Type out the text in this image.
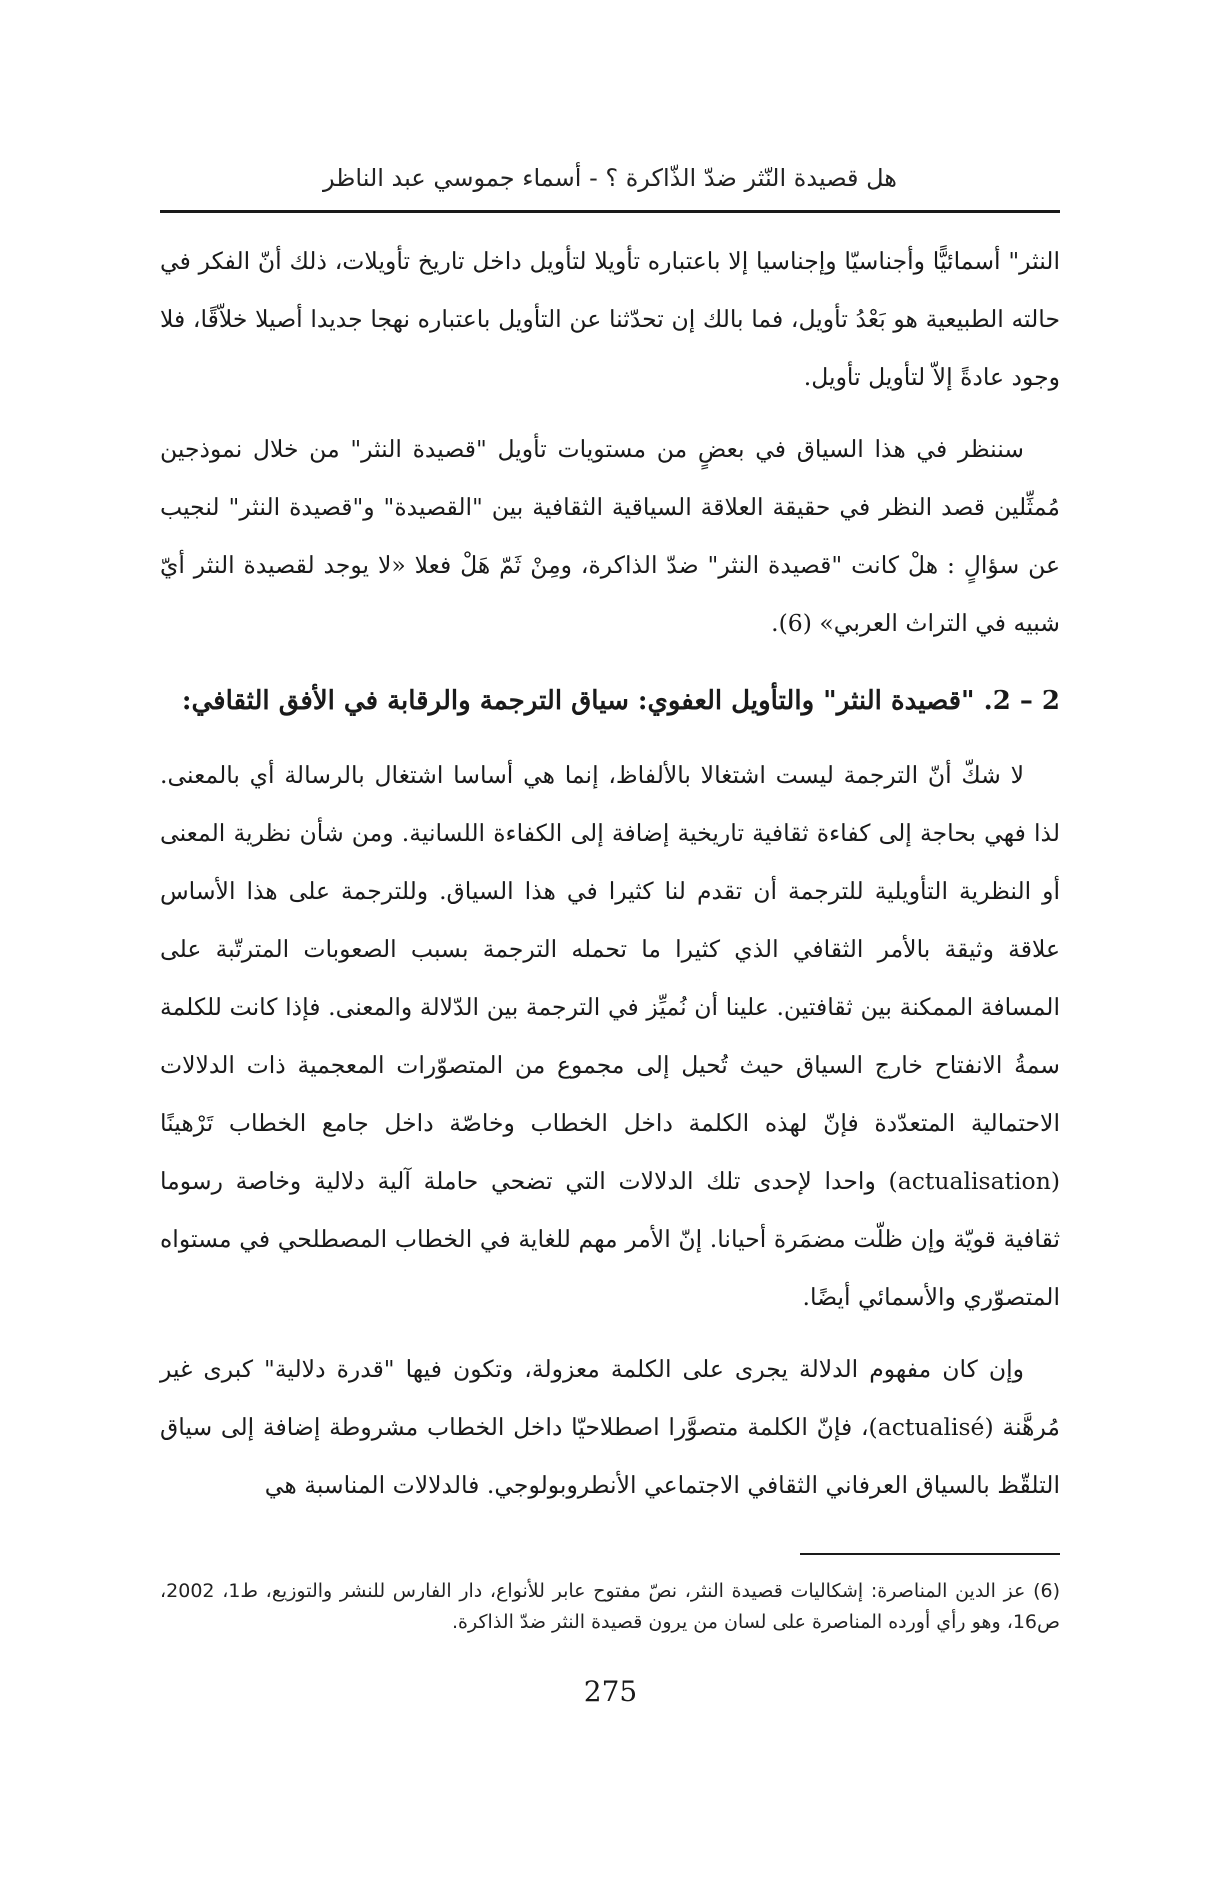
هل قصيدة النّثر ضدّ الذّاكرة ؟ - أسماء جموسي عبد الناظر

النثر" أسمائيًّا وأجناسيّا وإجناسيا إلا باعتباره تأويلا لتأويل داخل تاريخ تأويلات، ذلك أنّ الفكر في حالته الطبيعية هو بَعْدُ تأويل، فما بالك إن تحدّثنا عن التأويل باعتباره نهجا جديدا أصيلا خلاّقًا، فلا وجود عادةً إلاّ لتأويل تأويل.

سننظر في هذا السياق في بعضٍ من مستويات تأويل "قصيدة النثر" من خلال نموذجين مُمثِّلين قصد النظر في حقيقة العلاقة السياقية الثقافية بين "القصيدة" و"قصيدة النثر" لنجيب عن سؤالٍ : هلْ كانت "قصيدة النثر" ضدّ الذاكرة، ومِنْ ثَمّ هَلْ فعلا «لا يوجد لقصيدة النثر أيّ شبيه في التراث العربي» (6).

2 – 2. "قصيدة النثر" والتأويل العفوي: سياق الترجمة والرقابة في الأفق الثقافي:

لا شكّ أنّ الترجمة ليست اشتغالا بالألفاظ، إنما هي أساسا اشتغال بالرسالة أي بالمعنى. لذا فهي بحاجة إلى كفاءة ثقافية تاريخية إضافة إلى الكفاءة اللسانية. ومن شأن نظرية المعنى أو النظرية التأويلية للترجمة أن تقدم لنا كثيرا في هذا السياق. وللترجمة على هذا الأساس علاقة وثيقة بالأمر الثقافي الذي كثيرا ما تحمله الترجمة بسبب الصعوبات المترتّبة على المسافة الممكنة بين ثقافتين. علينا أن نُميِّز في الترجمة بين الدّلالة والمعنى. فإذا كانت للكلمة سمةُ الانفتاح خارج السياق حيث تُحيل إلى مجموع من المتصوّرات المعجمية ذات الدلالات الاحتمالية المتعدّدة فإنّ لهذه الكلمة داخل الخطاب وخاصّة داخل جامع الخطاب تَرْهينًا (actualisation) واحدا لإحدى تلك الدلالات التي تضحي حاملة آلية دلالية وخاصة رسوما ثقافية قويّة وإن ظلّت مضمَرة أحيانا. إنّ الأمر مهم للغاية في الخطاب المصطلحي في مستواه المتصوّري والأسمائي أيضًا.

وإن كان مفهوم الدلالة يجرى على الكلمة معزولة، وتكون فيها "قدرة دلالية" كبرى غير مُرهَّنة (actualisé)، فإنّ الكلمة متصوَّرا اصطلاحيّا داخل الخطاب مشروطة إضافة إلى سياق التلقّظ بالسياق العرفاني الثقافي الاجتماعي الأنطروبولوجي. فالدلالات المناسبة هي

(6) عز الدين المناصرة: إشكاليات قصيدة النثر، نصّ مفتوح عابر للأنواع، دار الفارس للنشر والتوزيع، ط1، 2002، ص16، وهو رأي أورده المناصرة على لسان من يرون قصيدة النثر ضدّ الذاكرة.
275
